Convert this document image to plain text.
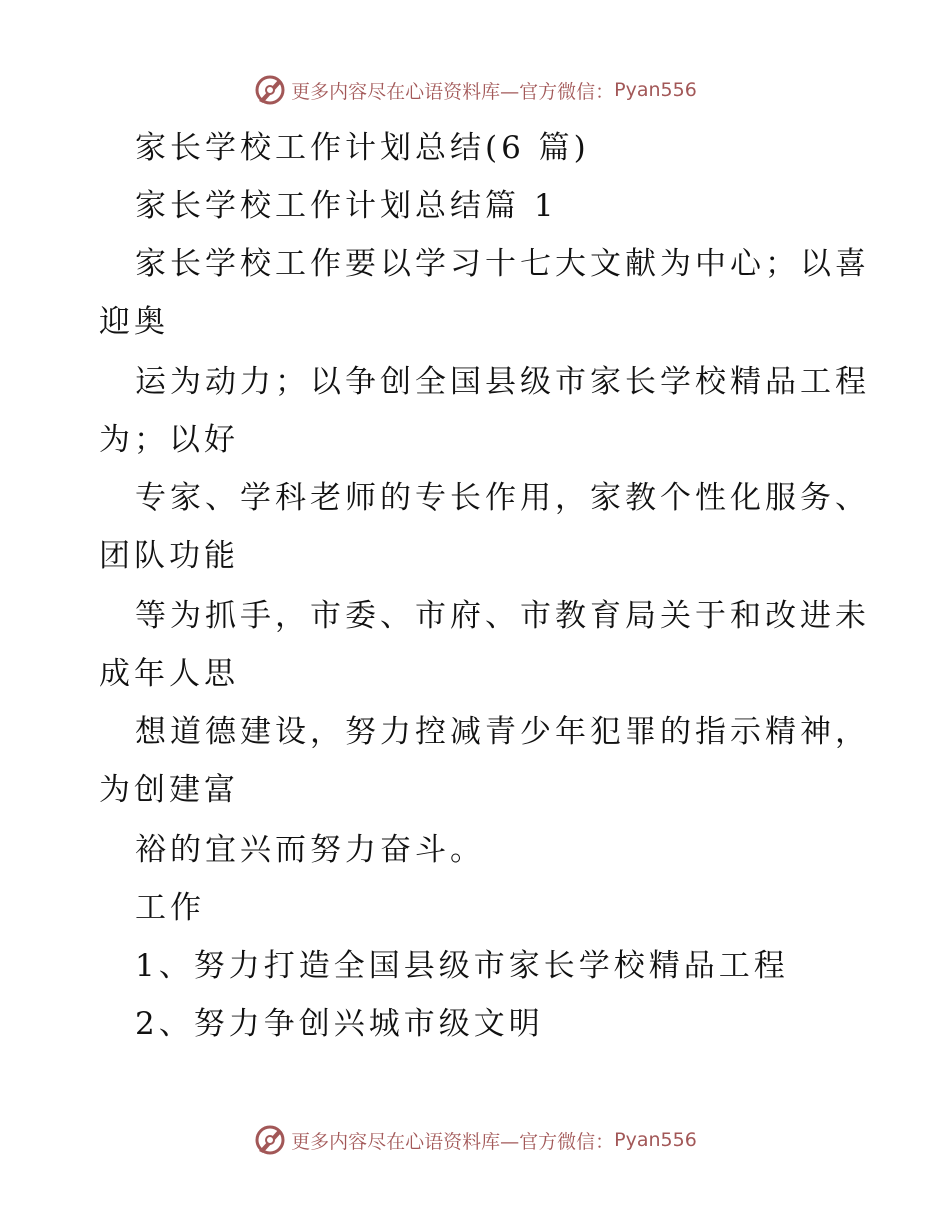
更多内容尽在心语资料库—官方微信： Pyan556
家长学校工作计划总结(6 篇)
家长学校工作计划总结篇 1
家长学校工作要以学习十七大文献为中心；以喜
迎奥
运为动力；以争创全国县级市家长学校精品工程
为；以好
专家、学科老师的专长作用，家教个性化服务、
团队功能
等为抓手，市委、市府、市教育局关于和改进未
成年人思
想道德建设，努力控减青少年犯罪的指示精神，
为创建富
裕的宜兴而努力奋斗。
工作
1、努力打造全国县级市家长学校精品工程
2、努力争创兴城市级文明
更多内容尽在心语资料库—官方微信： Pyan556
